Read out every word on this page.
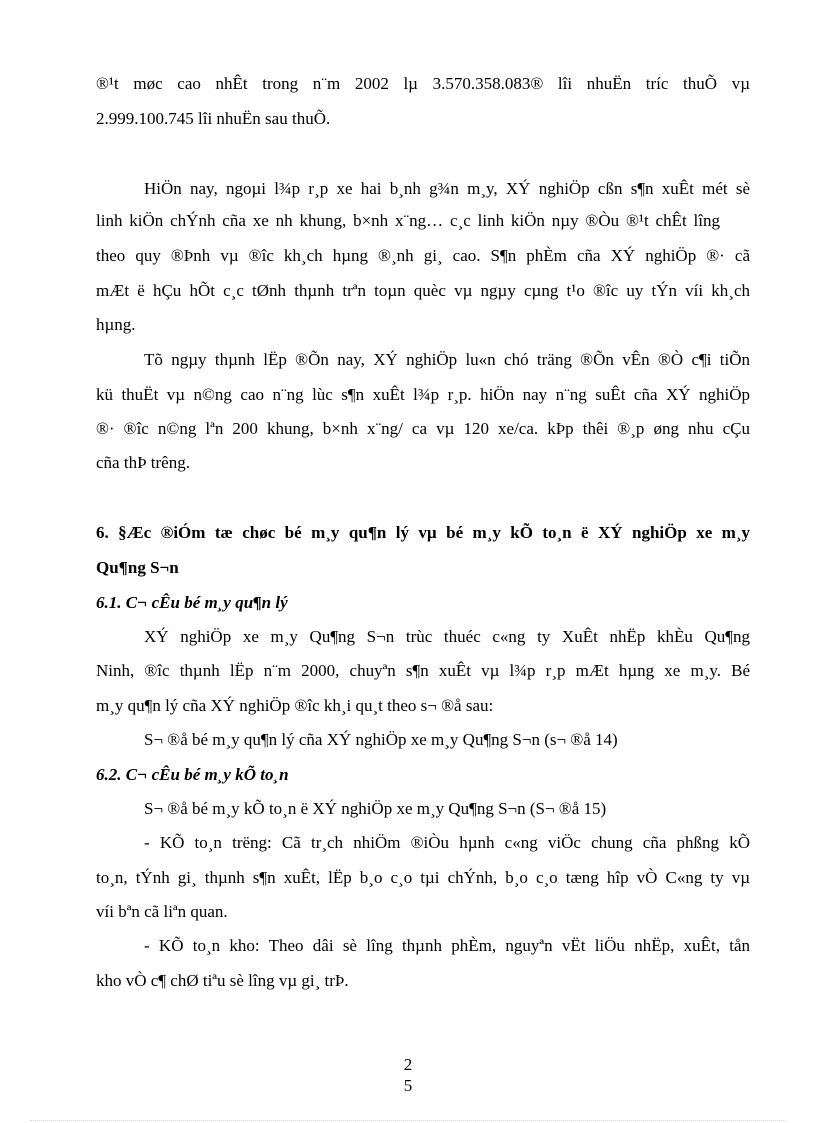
®¹t møc cao nhÊt trong n¨m 2002 lµ 3.570.358.083® lîi nhuËn tríc thuÕ vµ
2.999.100.745 lîi nhuËn sau thuÕ.
HiÖn nay, ngoµi l¾p r¸p xe hai b¸nh g¾n m¸y, XÝ nghiÖp cßn s¶n xuÊt mét sè
linh kiÖn chÝnh cña xe nh khung, b×nh x¨ng… c¸c linh kiÖn nµy ®Òu ®¹t chÊt lîng
theo quy ®Þnh vµ ®îc kh¸ch hµng ®¸nh gi¸ cao. S¶n phÈm cña XÝ nghiÖp ®· cã
mÆt ë hÇu hÕt c¸c tØnh thµnh trªn toµn quèc vµ ngµy cµng t¹o ®îc uy tÝn víi kh¸ch
hµng.
Tõ ngµy thµnh lËp ®Õn nay, XÝ nghiÖp lu«n chó träng ®Õn vÊn ®Ò c¶i tiÕn
kü thuËt vµ n©ng cao n¨ng lùc s¶n xuÊt l¾p r¸p. hiÖn nay n¨ng suÊt cña XÝ nghiÖp
®· ®îc n©ng lªn 200 khung, b×nh x¨ng/ ca vµ 120 xe/ca. kÞp thêi ®¸p øng nhu cÇu
cña thÞ trêng.
6. §Æc ®iÓm tæ chøc bé m¸y qu¶n lý vµ bé m¸y kÕ to¸n ë XÝ nghiÖp xe m¸y
Qu¶ng S¬n
6.1. C¬ cÊu bé m¸y qu¶n lý
XÝ nghiÖp xe m¸y Qu¶ng S¬n trùc thuéc c«ng ty XuÊt nhËp khÈu Qu¶ng
Ninh, ®îc thµnh lËp n¨m 2000, chuyªn s¶n xuÊt vµ l¾p r¸p mÆt hµng xe m¸y. Bé
m¸y qu¶n lý cña XÝ nghiÖp ®îc kh¸i qu¸t theo s¬ ®å sau:
S¬ ®å bé m¸y qu¶n lý cña XÝ nghiÖp xe m¸y Qu¶ng S¬n (s¬ ®å 14)
6.2. C¬ cÊu bé m¸y kÕ to¸n
S¬ ®å bé m¸y kÕ to¸n ë XÝ nghiÖp xe m¸y Qu¶ng S¬n (S¬ ®å 15)
- KÕ to¸n trëng: Cã tr¸ch nhiÖm ®iÒu hµnh c«ng viÖc chung cña phßng kÕ
to¸n, tÝnh gi¸ thµnh s¶n xuÊt, lËp b¸o c¸o tµi chÝnh, b¸o c¸o tæng hîp vÒ C«ng ty vµ
víi bªn cã liªn quan.
- KÕ to¸n kho: Theo dâi sè lîng thµnh phÈm, nguyªn vËt liÖu nhËp, xuÊt, tån
kho vÒ c¶ chØ tiªu sè lîng vµ gi¸ trÞ.
2
5
